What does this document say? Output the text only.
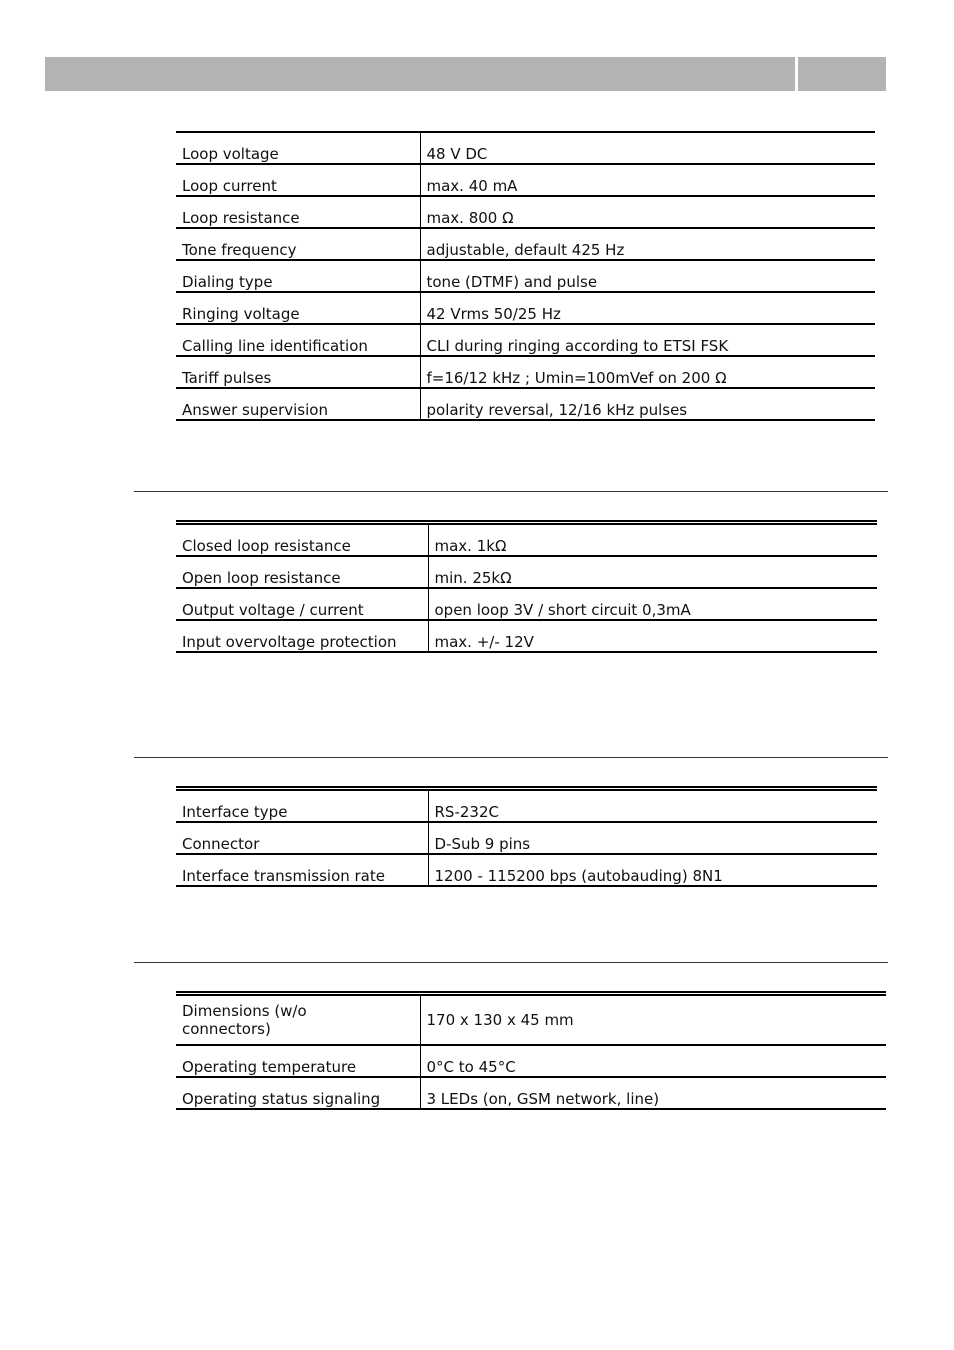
Loop voltage	48 V DC
Loop current	max. 40 mA
Loop resistance	max. 800 Ω
Tone frequency	adjustable, default 425 Hz
Dialing type	tone (DTMF) and pulse
Ringing voltage	42 Vrms 50/25 Hz
Calling line identification	CLI during ringing according to ETSI FSK
Tariff pulses	f=16/12 kHz ; Umin=100mVef on 200 Ω
Answer supervision	polarity reversal, 12/16 kHz pulses
Closed loop resistance	max. 1kΩ
Open loop resistance	min. 25kΩ
Output voltage / current	open loop 3V / short circuit 0,3mA
Input overvoltage protection	max. +/- 12V
Interface type	RS-232C
Connector	D-Sub 9 pins
Interface transmission rate	1200 - 115200 bps (autobauding) 8N1
Dimensions (w/o connectors)	170 x 130 x 45 mm
Operating temperature	0°C to 45°C
Operating status signaling	3 LEDs (on, GSM network, line)
